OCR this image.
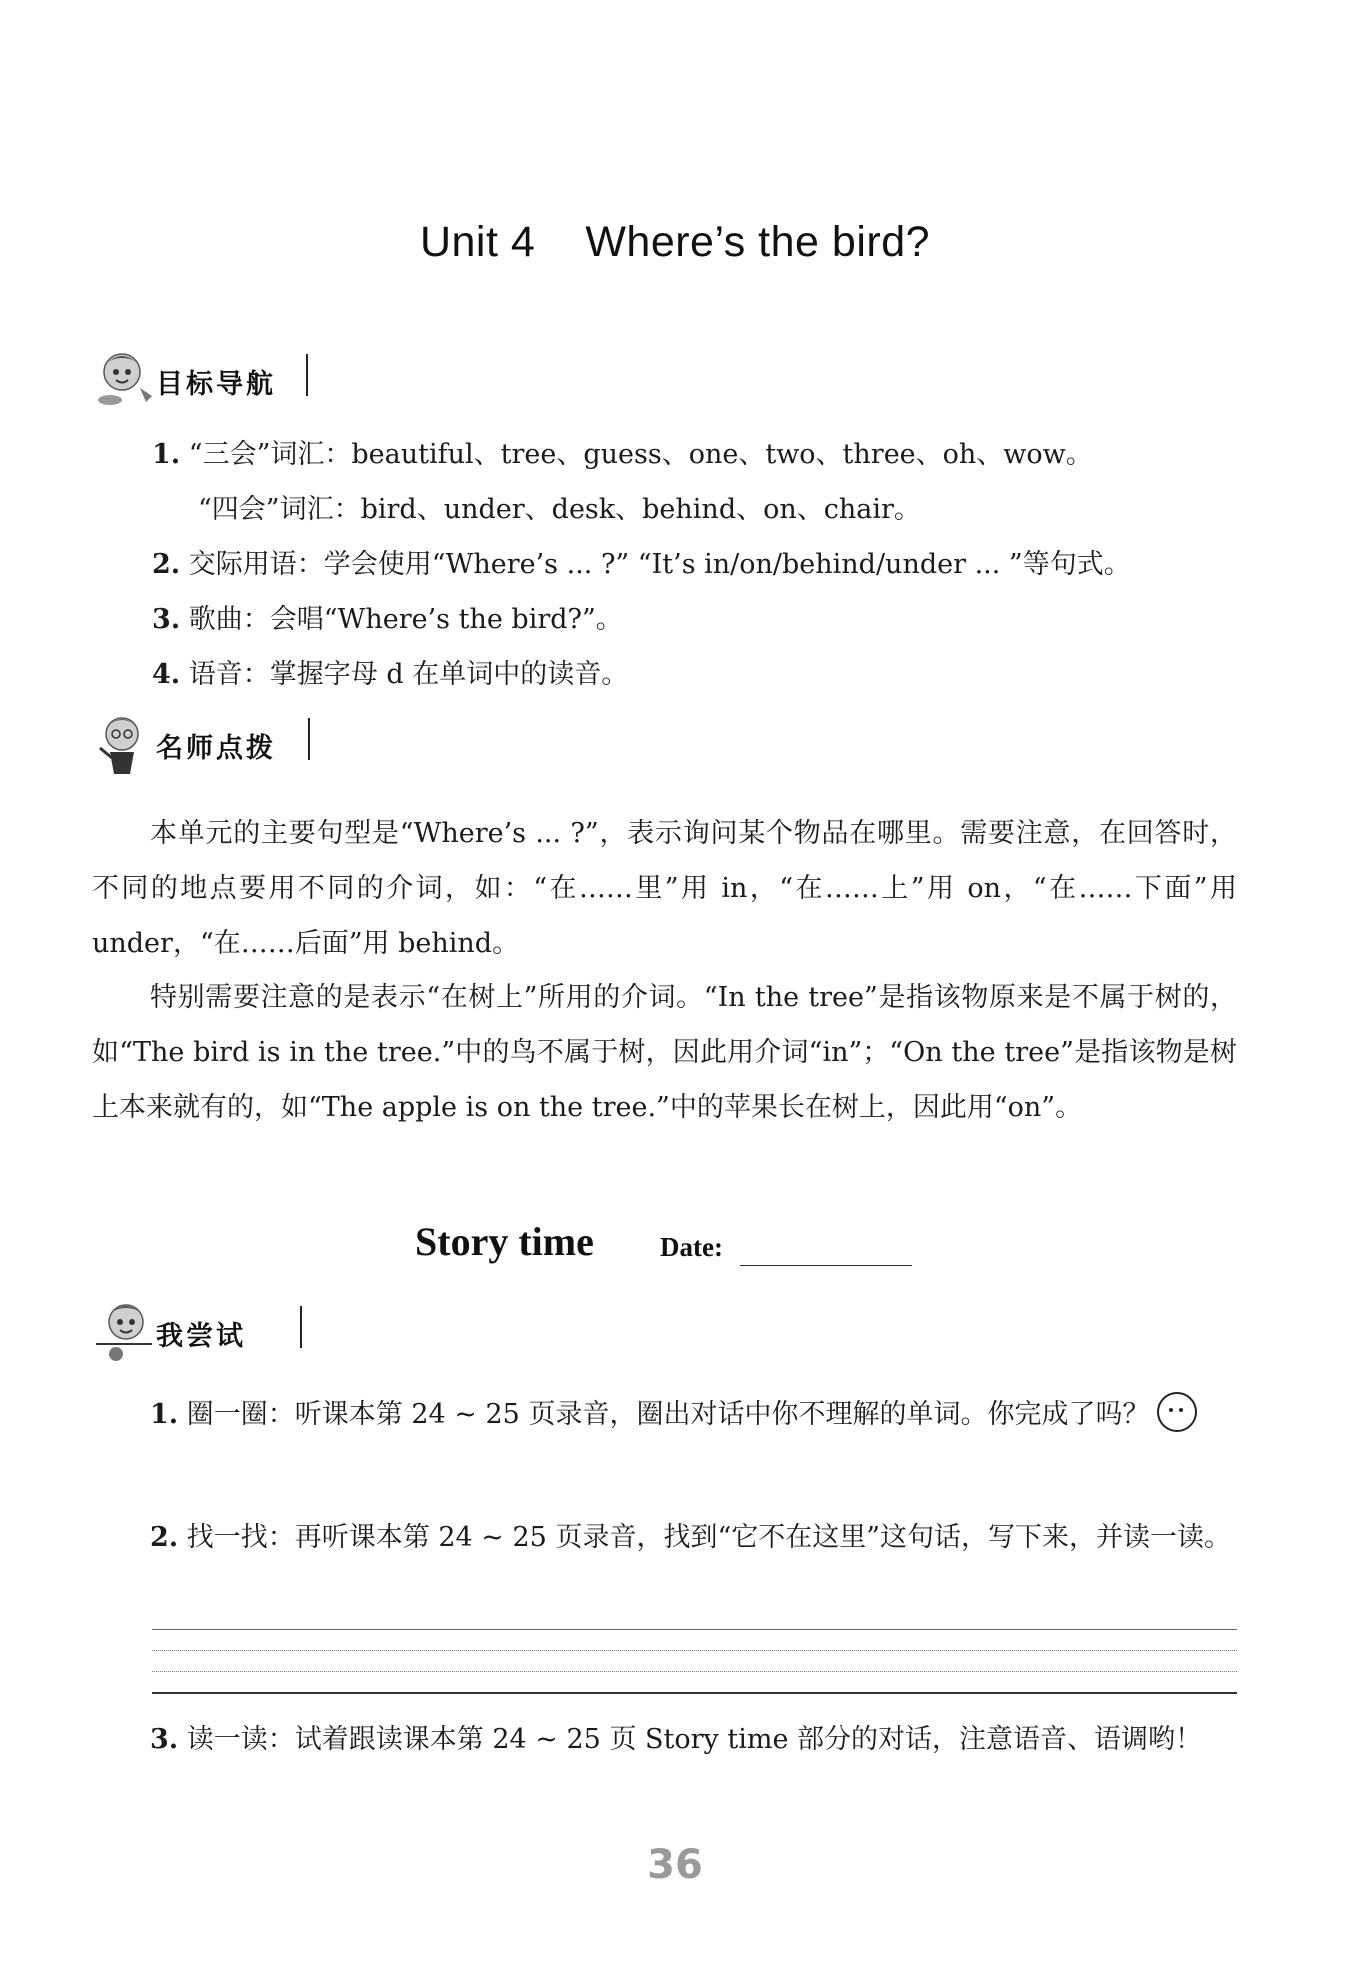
Unit 4 Where’s the bird?
目标导航
1. “三会”词汇：beautiful、tree、guess、one、two、three、oh、wow。
“四会”词汇：bird、under、desk、behind、on、chair。
2. 交际用语：学会使用“Where’s ... ?” “It’s in/on/behind/under ... ”等句式。
3. 歌曲：会唱“Where’s the bird?”。
4. 语音：掌握字母 d 在单词中的读音。
名师点拨
本单元的主要句型是“Where’s ... ?”，表示询问某个物品在哪里。需要注意，在回答时，不同的地点要用不同的介词，如：“在……里”用 in，“在……上”用 on，“在……下面”用 under，“在……后面”用 behind。
特别需要注意的是表示“在树上”所用的介词。“In the tree”是指该物原来是不属于树的，如“The bird is in the tree.”中的鸟不属于树，因此用介词“in”；“On the tree”是指该物是树上本来就有的，如“The apple is on the tree.”中的苹果长在树上，因此用“on”。
Story time Date:
我尝试
1. 圈一圈：听课本第 24 ~ 25 页录音，圈出对话中你不理解的单词。你完成了吗？
2. 找一找：再听课本第 24 ~ 25 页录音，找到“它不在这里”这句话，写下来，并读一读。
3. 读一读：试着跟读课本第 24 ~ 25 页 Story time 部分的对话，注意语音、语调哟！
36
